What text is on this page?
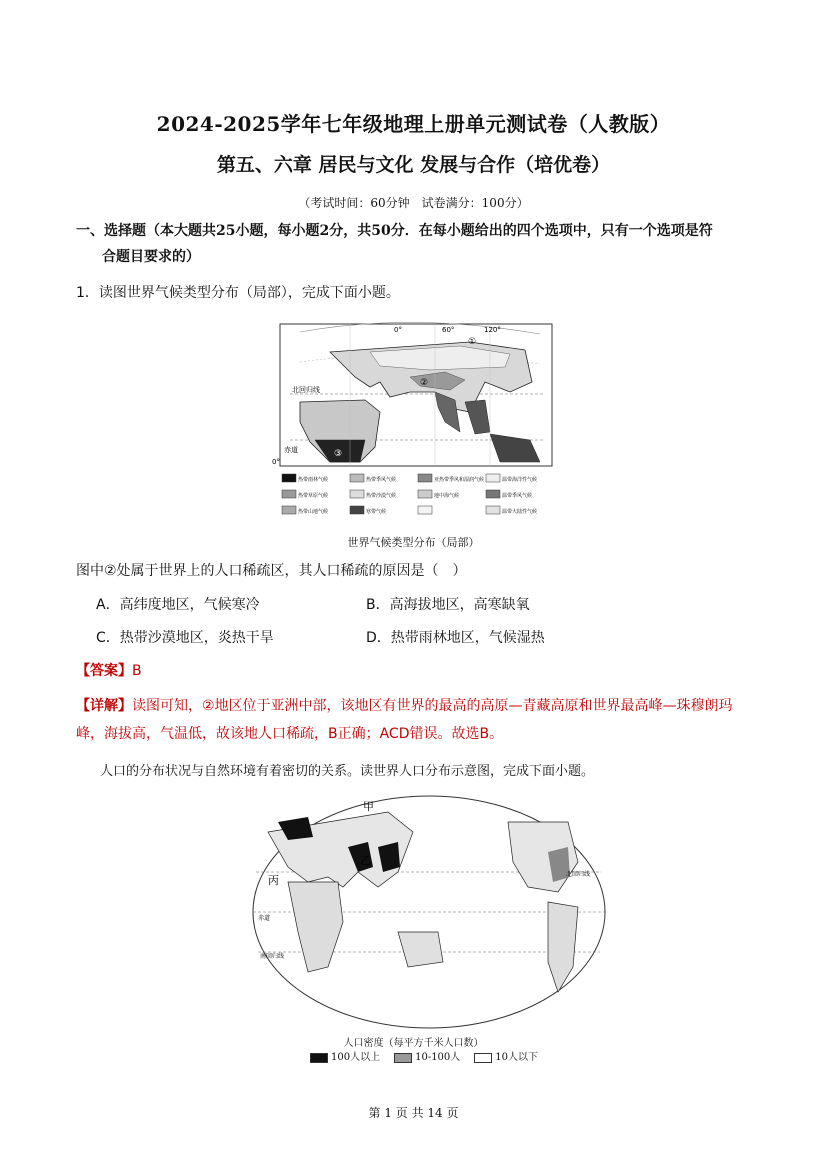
2024-2025学年七年级地理上册单元测试卷（人教版）
第五、六章 居民与文化 发展与合作（培优卷）
（考试时间：60分钟　试卷满分：100分）
一、选择题（本大题共25小题，每小题2分，共50分．在每小题给出的四个选项中，只有一个选项是符
合题目要求的）
1．读图世界气候类型分布（局部），完成下面小题。
0°	60°	120°
北回归线
赤道
0°
①
②
③
热带雨林气候	热带季风气候	亚热带季风和湿润气候	温带海洋性气候
热带草原气候	热带沙漠气候	地中海气候	温带季风气候
热带山地气候	寒带气候	温带大陆性气候
世界气候类型分布（局部）
图中②处属于世界上的人口稀疏区，其人口稀疏的原因是（　）
A．高纬度地区，气候寒冷	B．高海拔地区，高寒缺氧
C．热带沙漠地区，炎热干旱	D．热带雨林地区，气候湿热
【答案】B
【详解】读图可知，②地区位于亚洲中部，该地区有世界的最高的高原—青藏高原和世界最高峰—珠穆朗玛峰，海拔高，气温低，故该地人口稀疏，B正确；ACD错误。故选B。
人口的分布状况与自然环境有着密切的关系。读世界人口分布示意图，完成下面小题。
甲
乙
丙	北回归线
赤道
南回归线
人口密度（每平方千米人口数）
100人以上	10-100人	10人以下
第 1 页 共 14 页
